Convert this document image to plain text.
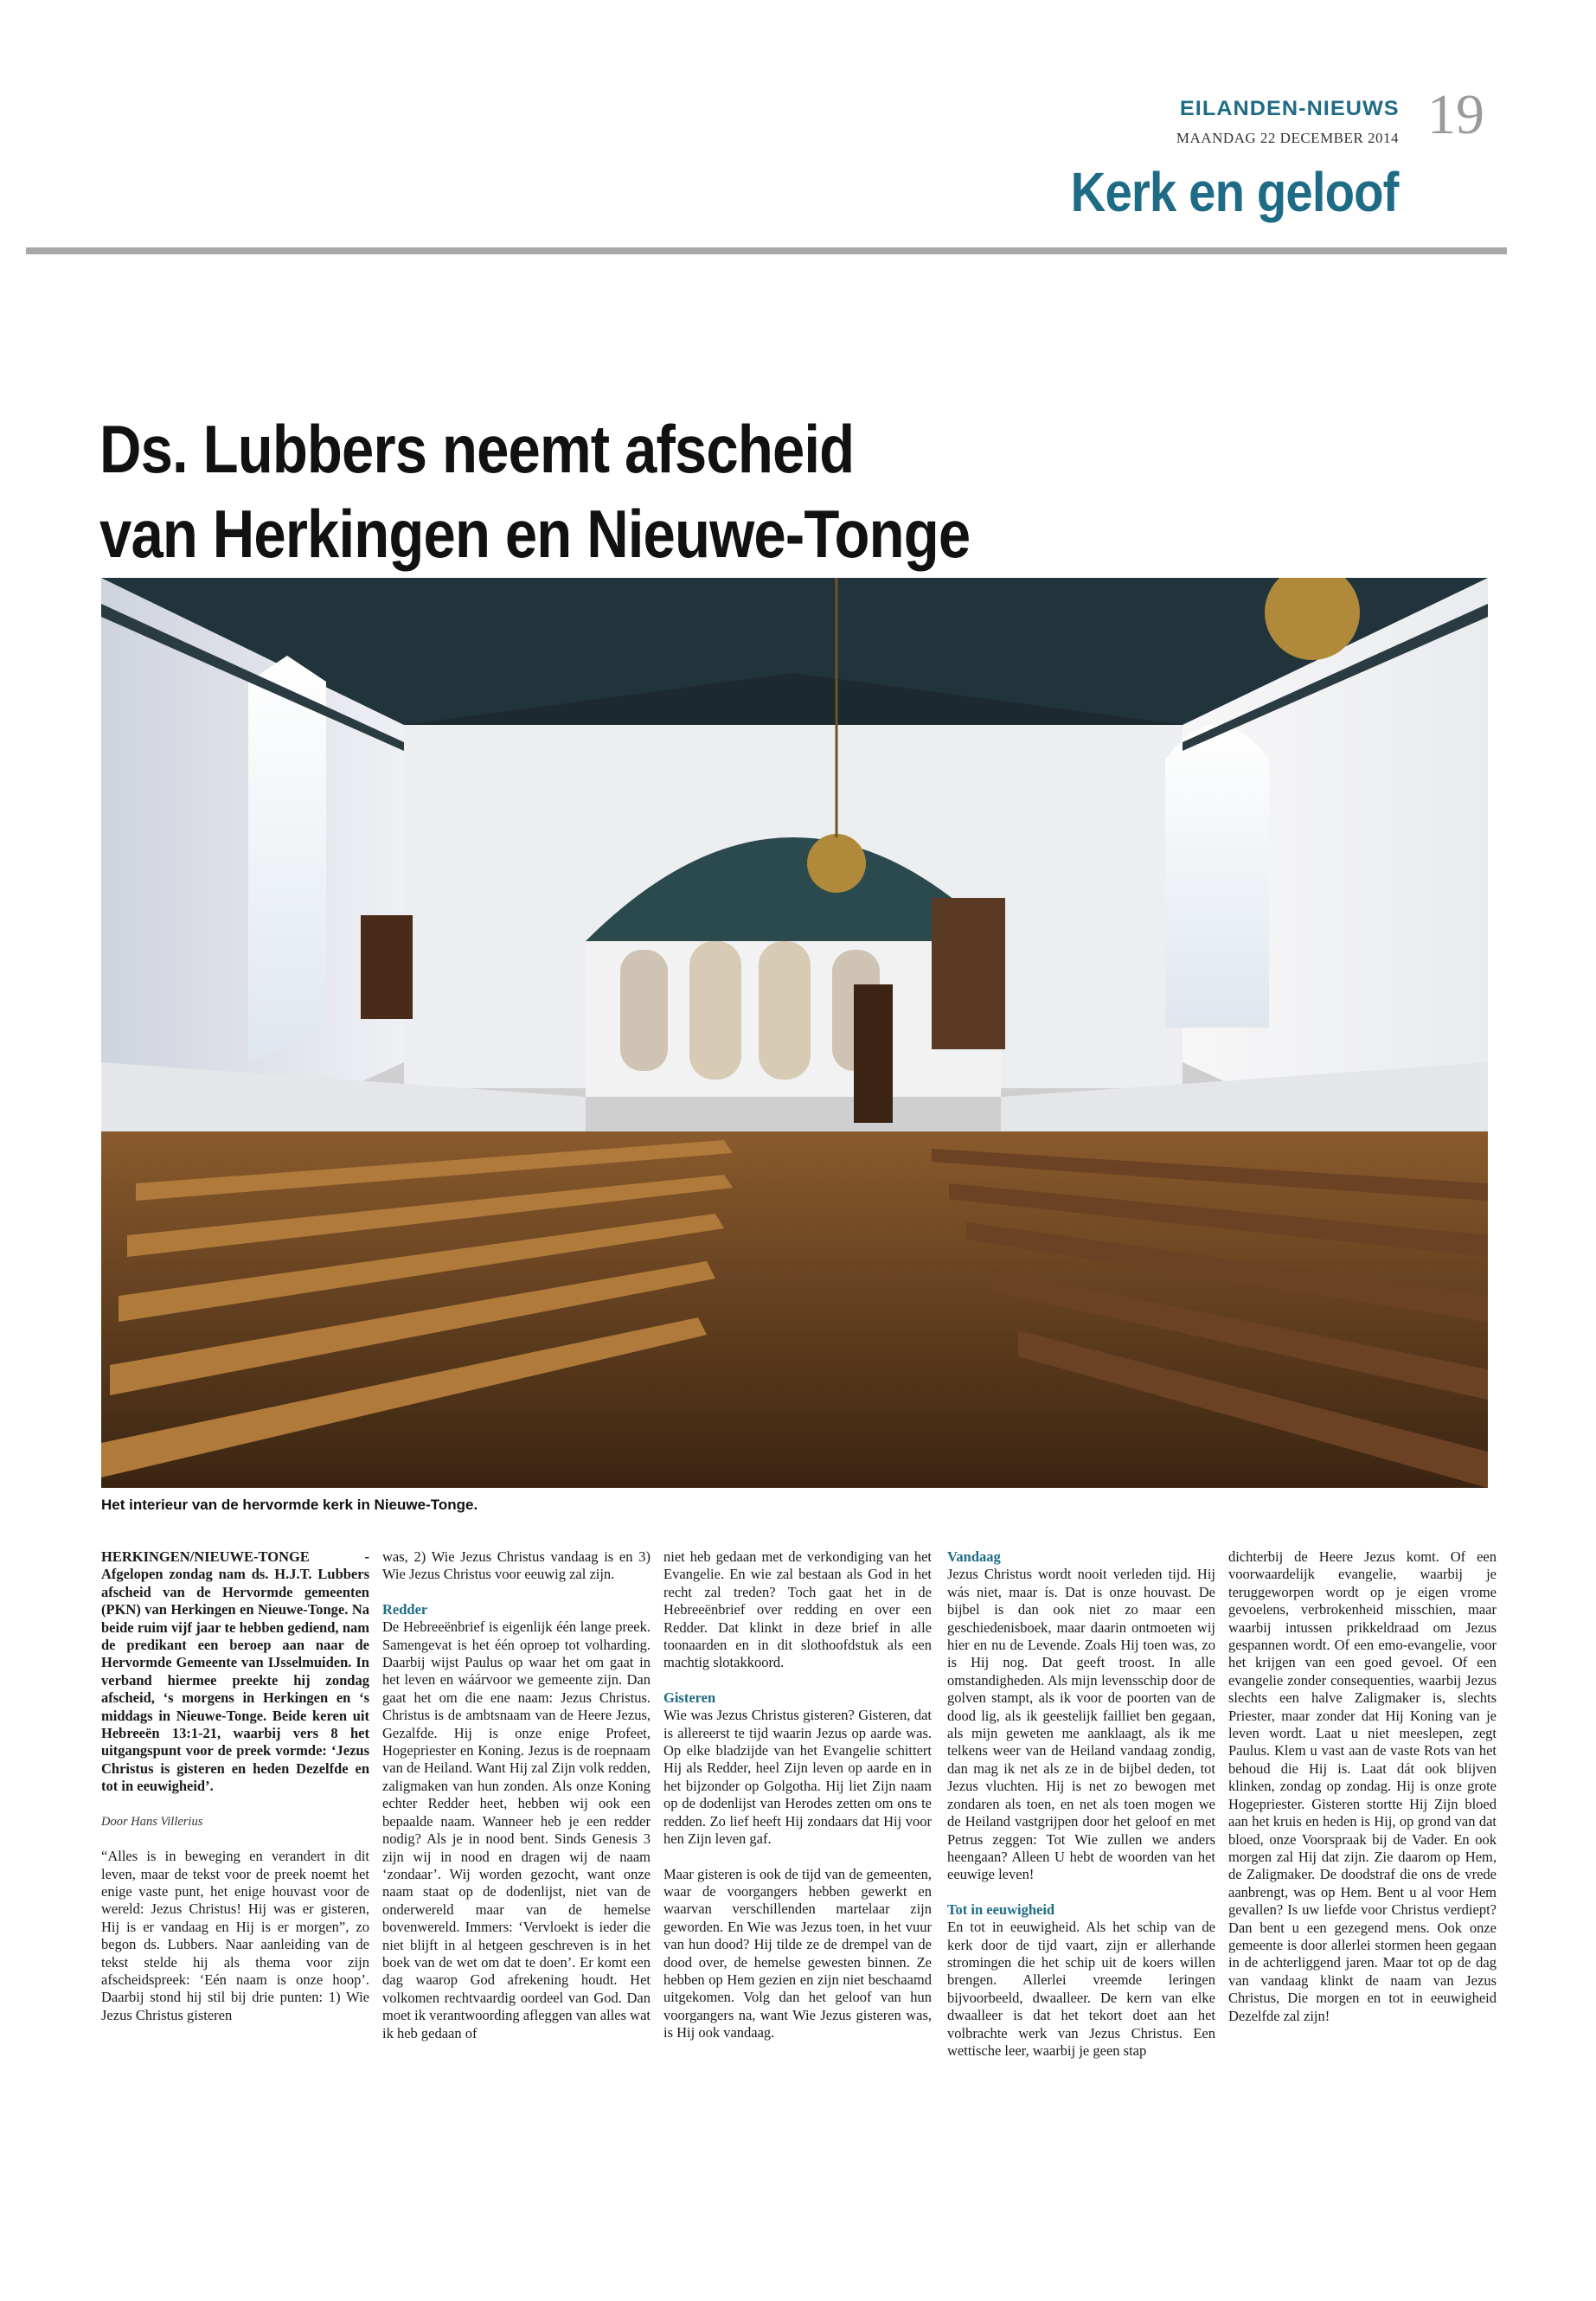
EILANDEN-NIEUWS
MAANDAG 22 DECEMBER 2014 19
Kerk en geloof
Ds. Lubbers neemt afscheid
van Herkingen en Nieuwe-Tonge
Het interieur van de hervormde kerk in Nieuwe-Tonge.

HERKINGEN/NIEUWE-TONGE - Afgelopen zondag nam ds. H.J.T. Lubbers afscheid van de Hervormde gemeenten (PKN) van Herkingen en Nieuwe-Tonge. Na beide ruim vijf jaar te hebben gediend, nam de predikant een beroep aan naar de Hervormde Gemeente van IJsselmuiden. In verband hiermee preekte hij zondag afscheid, ‘s morgens in Herkingen en ‘s middags in Nieuwe-Tonge. Beide keren uit Hebreeën 13:1-21, waarbij vers 8 het uitgangspunt voor de preek vormde: ‘Jezus Christus is gisteren en heden Dezelfde en tot in eeuwigheid’.

Door Hans Villerius

“Alles is in beweging en verandert in dit leven, maar de tekst voor de preek noemt het enige vaste punt, het enige houvast voor de wereld: Jezus Christus! Hij was er gisteren, Hij is er vandaag en Hij is er morgen”, zo begon ds. Lubbers. Naar aanleiding van de tekst stelde hij als thema voor zijn afscheidspreek: ‘Eén naam is onze hoop’. Daarbij stond hij stil bij drie punten: 1) Wie Jezus Christus gisteren

was, 2) Wie Jezus Christus vandaag is en 3) Wie Jezus Christus voor eeuwig zal zijn.

Redder

De Hebreeënbrief is eigenlijk één lange preek. Samengevat is het één oproep tot volharding. Daarbij wijst Paulus op waar het om gaat in het leven en wáárvoor we gemeente zijn. Dan gaat het om die ene naam: Jezus Christus. Christus is de ambtsnaam van de Heere Jezus, Gezalfde. Hij is onze enige Profeet, Hogepriester en Koning. Jezus is de roepnaam van de Heiland. Want Hij zal Zijn volk redden, zaligmaken van hun zonden. Als onze Koning echter Redder heet, hebben wij ook een bepaalde naam. Wanneer heb je een redder nodig? Als je in nood bent. Sinds Genesis 3 zijn wij in nood en dragen wij de naam ‘zondaar’. Wij worden gezocht, want onze naam staat op de dodenlijst, niet van de onderwereld maar van de hemelse bovenwereld. Immers: ‘Vervloekt is ieder die niet blijft in al hetgeen geschreven is in het boek van de wet om dat te doen’. Er komt een dag waarop God afrekening houdt. Het volkomen rechtvaardig oordeel van God. Dan moet ik verantwoording afleggen van alles wat ik heb gedaan of

niet heb gedaan met de verkondiging van het Evangelie. En wie zal bestaan als God in het recht zal treden? Toch gaat het in de Hebreeënbrief over redding en over een Redder. Dat klinkt in deze brief in alle toonaarden en in dit slothoofdstuk als een machtig slotakkoord.

Gisteren

Wie was Jezus Christus gisteren? Gisteren, dat is allereerst te tijd waarin Jezus op aarde was. Op elke bladzijde van het Evangelie schittert Hij als Redder, heel Zijn leven op aarde en in het bijzonder op Golgotha. Hij liet Zijn naam op de dodenlijst van Herodes zetten om ons te redden. Zo lief heeft Hij zondaars dat Hij voor hen Zijn leven gaf.

Maar gisteren is ook de tijd van de gemeenten, waar de voorgangers hebben gewerkt en waarvan verschillenden martelaar zijn geworden. En Wie was Jezus toen, in het vuur van hun dood? Hij tilde ze de drempel van de dood over, de hemelse gewesten binnen. Ze hebben op Hem gezien en zijn niet beschaamd uitgekomen. Volg dan het geloof van hun voorgangers na, want Wie Jezus gisteren was, is Hij ook vandaag.

Vandaag

Jezus Christus wordt nooit verleden tijd. Hij wás niet, maar ís. Dat is onze houvast. De bijbel is dan ook niet zo maar een geschiedenisboek, maar daarin ontmoeten wij hier en nu de Levende. Zoals Hij toen was, zo is Hij nog. Dat geeft troost. In alle omstandigheden. Als mijn levensschip door de golven stampt, als ik voor de poorten van de dood lig, als ik geestelijk failliet ben gegaan, als mijn geweten me aanklaagt, als ik me telkens weer van de Heiland vandaag zondig, dan mag ik net als ze in de bijbel deden, tot Jezus vluchten. Hij is net zo bewogen met zondaren als toen, en net als toen mogen we de Heiland vastgrijpen door het geloof en met Petrus zeggen: Tot Wie zullen we anders heengaan? Alleen U hebt de woorden van het eeuwige leven!

Tot in eeuwigheid

En tot in eeuwigheid. Als het schip van de kerk door de tijd vaart, zijn er allerhande stromingen die het schip uit de koers willen brengen. Allerlei vreemde leringen bijvoorbeeld, dwaalleer. De kern van elke dwaalleer is dat het tekort doet aan het volbrachte werk van Jezus Christus. Een wettische leer, waarbij je geen stap

dichterbij de Heere Jezus komt. Of een voorwaardelijk evangelie, waarbij je teruggeworpen wordt op je eigen vrome gevoelens, verbrokenheid misschien, maar waarbij intussen prikkeldraad om Jezus gespannen wordt. Of een emo-evangelie, voor het krijgen van een goed gevoel. Of een evangelie zonder consequenties, waarbij Jezus slechts een halve Zaligmaker is, slechts Priester, maar zonder dat Hij Koning van je leven wordt. Laat u niet meeslepen, zegt Paulus. Klem u vast aan de vaste Rots van het behoud die Hij is. Laat dát ook blijven klinken, zondag op zondag. Hij is onze grote Hogepriester. Gisteren stortte Hij Zijn bloed aan het kruis en heden is Hij, op grond van dat bloed, onze Voorspraak bij de Vader. En ook morgen zal Hij dat zijn. Zie daarom op Hem, de Zaligmaker. De doodstraf die ons de vrede aanbrengt, was op Hem. Bent u al voor Hem gevallen? Is uw liefde voor Christus verdiept? Dan bent u een gezegend mens. Ook onze gemeente is door allerlei stormen heen gegaan in de achterliggend jaren. Maar tot op de dag van vandaag klinkt de naam van Jezus Christus, Die morgen en tot in eeuwigheid Dezelfde zal zijn!
